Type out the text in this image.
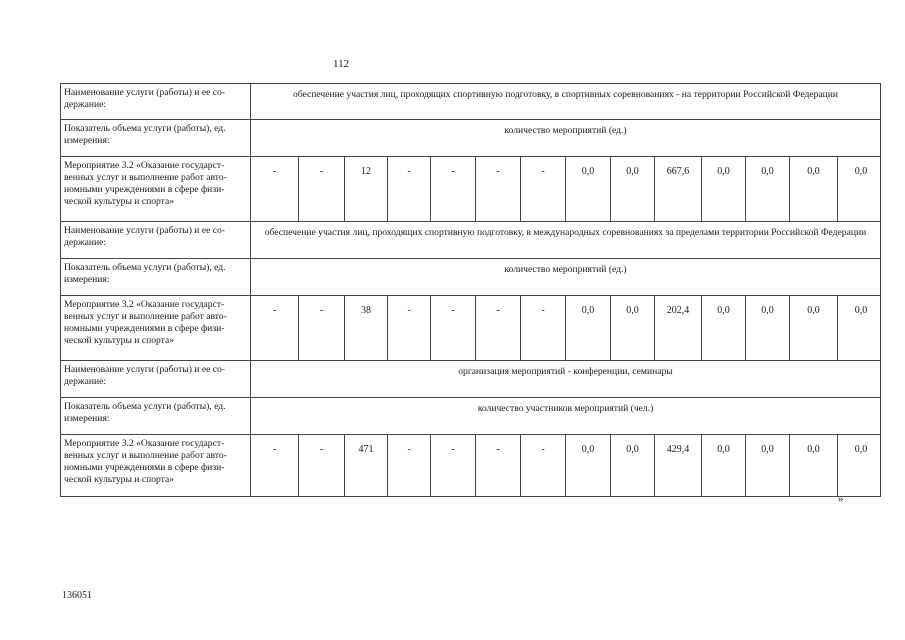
112
Наименование услуги (работы) и ее со-держание:
обеспечение участия лиц, проходящих спортивную подготовку, в спортивных соревнованиях - на территории Российской Федерации
Показатель объема услуги (работы), ед. измерения:
количество мероприятий (ед.)
Мероприятие 3.2 «Оказание государст-венных услуг и выполнение работ авто-номными учреждениями в сфере физи-ческой культуры и спорта»
-	-	12	-	-	-	-	0,0	0,0	667,6	0,0	0,0	0,0	0,0
Наименование услуги (работы) и ее со-держание:
обеспечение участия лиц, проходящих спортивную подготовку, в международных соревнованиях за пределами территории Российской Федерации
Показатель объема услуги (работы), ед. измерения:
количество мероприятий (ед.)
Мероприятие 3.2 «Оказание государст-венных услуг и выполнение работ авто-номными учреждениями в сфере физи-ческой культуры и спорта»
-	-	38	-	-	-	-	0,0	0,0	202,4	0,0	0,0	0,0	0,0
Наименование услуги (работы) и ее со-держание:
организация мероприятий - конференции, семинары
Показатель объема услуги (работы), ед. измерения:
количество участников мероприятий (чел.)
Мероприятие 3.2 «Оказание государст-венных услуг и выполнение работ авто-номными учреждениями в сфере физи-ческой культуры и спорта»
-	-	471	-	-	-	-	0,0	0,0	429,4	0,0	0,0	0,0	0,0
»
136051
